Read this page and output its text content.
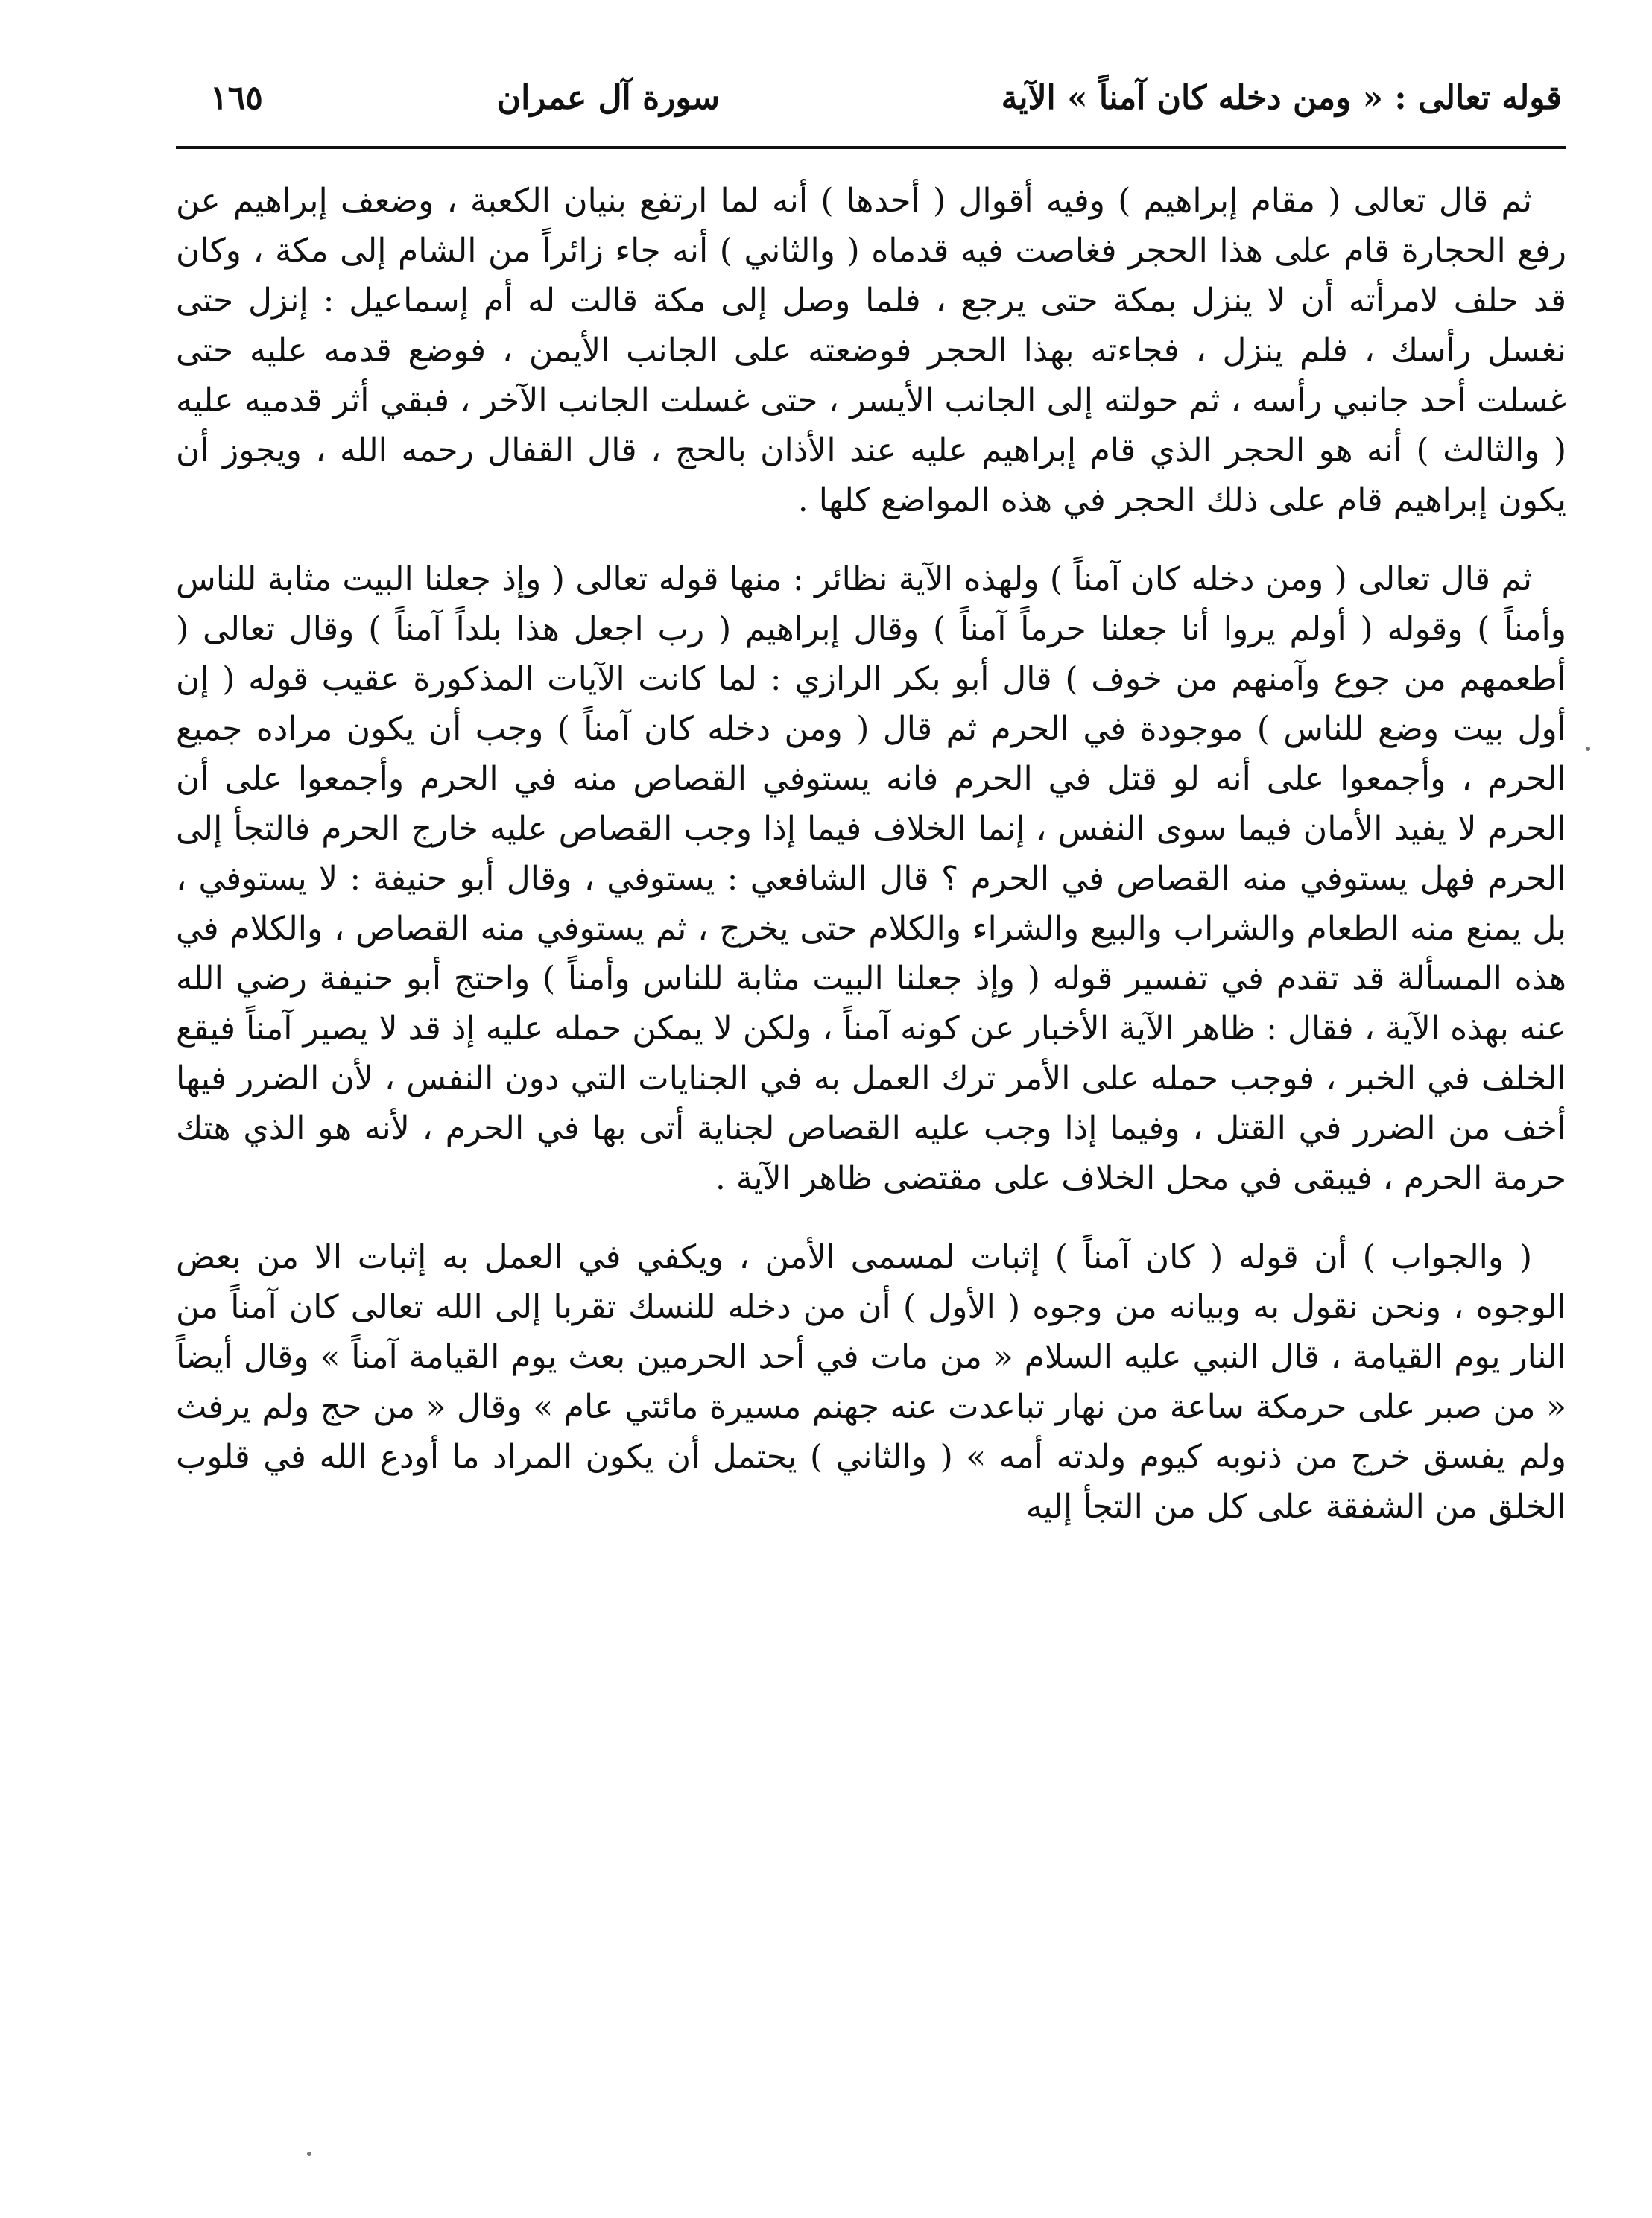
قوله تعالى : « ومن دخله كان آمناً » الآية
سورة آل عمران
١٦٥

ثم قال تعالى ( مقام إبراهيم ) وفيه أقوال ( أحدها ) أنه لما ارتفع بنيان الكعبة ، وضعف إبراهيم عن رفع الحجارة قام على هذا الحجر فغاصت فيه قدماه ( والثاني ) أنه جاء زائراً من الشام إلى مكة ، وكان قد حلف لامرأته أن لا ينزل بمكة حتى يرجع ، فلما وصل إلى مكة قالت له أم إسماعيل : إنزل حتى نغسل رأسك ، فلم ينزل ، فجاءته بهذا الحجر فوضعته على الجانب الأيمن ، فوضع قدمه عليه حتى غسلت أحد جانبي رأسه ، ثم حولته إلى الجانب الأيسر ، حتى غسلت الجانب الآخر ، فبقي أثر قدميه عليه ( والثالث ) أنه هو الحجر الذي قام إبراهيم عليه عند الأذان بالحج ، قال القفال رحمه الله ، ويجوز أن يكون إبراهيم قام على ذلك الحجر في هذه المواضع كلها .

ثم قال تعالى ( ومن دخله كان آمناً ) ولهذه الآية نظائر : منها قوله تعالى ( وإذ جعلنا البيت مثابة للناس وأمناً ) وقوله ( أولم يروا أنا جعلنا حرماً آمناً ) وقال إبراهيم ( رب اجعل هذا بلداً آمناً ) وقال تعالى ( أطعمهم من جوع وآمنهم من خوف ) قال أبو بكر الرازي : لما كانت الآيات المذكورة عقيب قوله ( إن أول بيت وضع للناس ) موجودة في الحرم ثم قال ( ومن دخله كان آمناً ) وجب أن يكون مراده جميع الحرم ، وأجمعوا على أنه لو قتل في الحرم فانه يستوفي القصاص منه في الحرم وأجمعوا على أن الحرم لا يفيد الأمان فيما سوى النفس ، إنما الخلاف فيما إذا وجب القصاص عليه خارج الحرم فالتجأ إلى الحرم فهل يستوفي منه القصاص في الحرم ؟ قال الشافعي : يستوفي ، وقال أبو حنيفة : لا يستوفي ، بل يمنع منه الطعام والشراب والبيع والشراء والكلام حتى يخرج ، ثم يستوفي منه القصاص ، والكلام في هذه المسألة قد تقدم في تفسير قوله ( وإذ جعلنا البيت مثابة للناس وأمناً ) واحتج أبو حنيفة رضي الله عنه بهذه الآية ، فقال : ظاهر الآية الأخبار عن كونه آمناً ، ولكن لا يمكن حمله عليه إذ قد لا يصير آمناً فيقع الخلف في الخبر ، فوجب حمله على الأمر ترك العمل به في الجنايات التي دون النفس ، لأن الضرر فيها أخف من الضرر في القتل ، وفيما إذا وجب عليه القصاص لجناية أتى بها في الحرم ، لأنه هو الذي هتك حرمة الحرم ، فيبقى في محل الخلاف على مقتضى ظاهر الآية .

( والجواب ) أن قوله ( كان آمناً ) إثبات لمسمى الأمن ، ويكفي في العمل به إثبات الا من بعض الوجوه ، ونحن نقول به وبيانه من وجوه ( الأول ) أن من دخله للنسك تقربا إلى الله تعالى كان آمناً من النار يوم القيامة ، قال النبي عليه السلام « من مات في أحد الحرمين بعث يوم القيامة آمناً » وقال أيضاً « من صبر على حرمكة ساعة من نهار تباعدت عنه جهنم مسيرة مائتي عام » وقال « من حج ولم يرفث ولم يفسق خرج من ذنوبه كيوم ولدته أمه » ( والثاني ) يحتمل أن يكون المراد ما أودع الله في قلوب الخلق من الشفقة على كل من التجأ إليه
